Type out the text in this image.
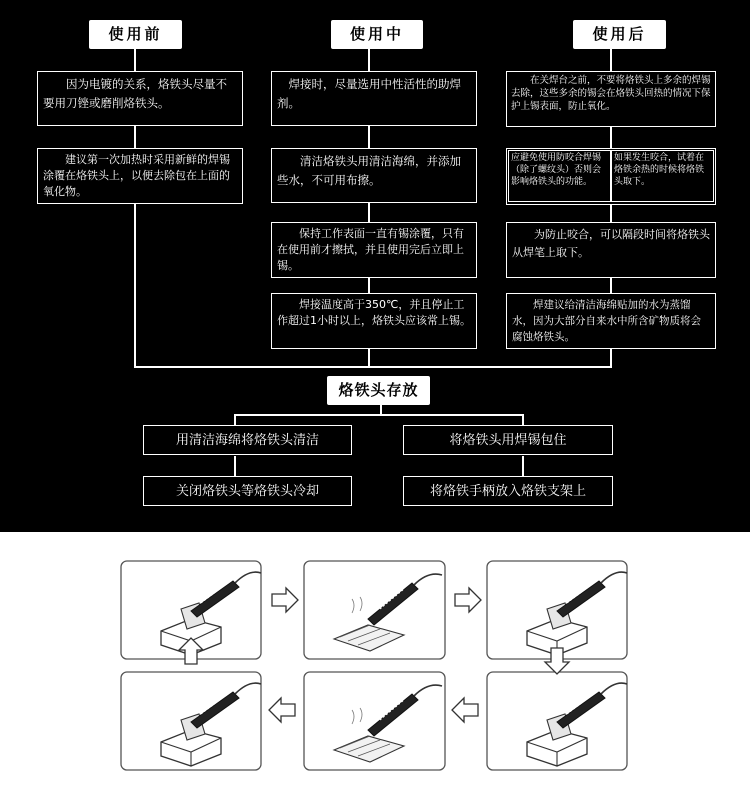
使用前	使用中	使用后
烙铁头存放
因为电镀的关系，烙铁头尽量不要用刀锉或磨削烙铁头。
建议第一次加热时采用新鲜的焊锡涂覆在烙铁头上，以便去除包在上面的氧化物。
焊接时，尽量选用中性活性的助焊剂。
清洁烙铁头用清洁海绵，并添加些水，不可用布擦。
保持工作表面一直有锡涂覆，只有在使用前才擦拭，并且使用完后立即上锡。
焊接温度高于350℃，并且停止工作超过1小时以上，烙铁头应该常上锡。
在关焊台之前，不要将烙铁头上多余的焊锡去除，这些多余的锡会在烙铁头回热的情况下保护上锡表面，防止氧化。
应避免使用防咬合焊锡（除了螺纹头）否则会影响烙铁头的功能。
如果发生咬合，试着在烙铁余热的时候将烙铁头取下。
为防止咬合，可以隔段时间将烙铁头从焊笔上取下。
焊建议给清洁海绵贴加的水为蒸馏水，因为大部分自来水中所含矿物质将会腐蚀烙铁头。
用清洁海绵将烙铁头清洁
关闭烙铁头等烙铁头冷却
将烙铁头用焊锡包住
将烙铁手柄放入烙铁支架上
